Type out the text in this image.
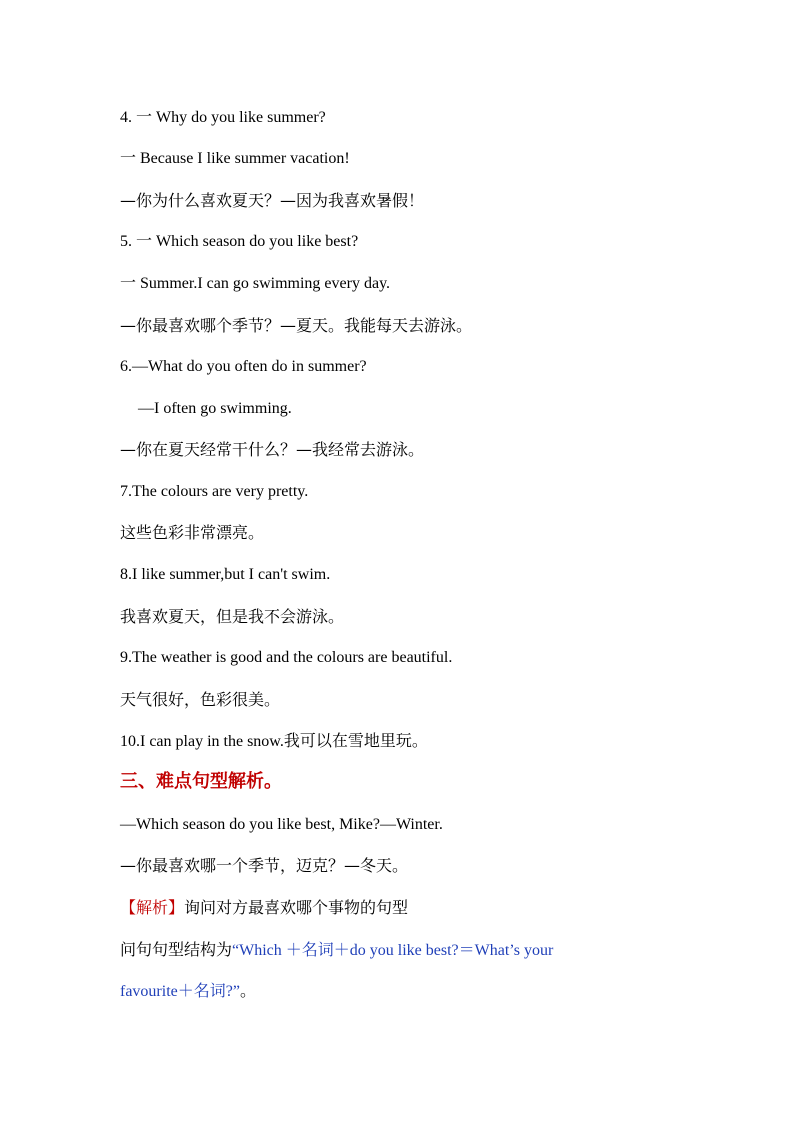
4. 一 Why do you like summer?
一 Because I like summer vacation!
—你为什么喜欢夏天？—因为我喜欢暑假！
5. 一 Which season do you like best?
一 Summer.I can go swimming every day.
—你最喜欢哪个季节？—夏天。我能每天去游泳。
6.—What do you often do in summer?
—I often go swimming.
—你在夏天经常干什么？—我经常去游泳。
7.The colours are very pretty.
这些色彩非常漂亮。
8.I like summer,but I can't swim.
我喜欢夏天，但是我不会游泳。
9.The weather is good and the colours are beautiful.
天气很好，色彩很美。
10.I can play in the snow.我可以在雪地里玩。
三、难点句型解析。
—Which season do you like best, Mike?—Winter.
—你最喜欢哪一个季节，迈克？—冬天。
【解析】询问对方最喜欢哪个事物的句型
问句句型结构为“Which ＋名词＋do you like best?＝What’s your
favourite＋名词?”。
